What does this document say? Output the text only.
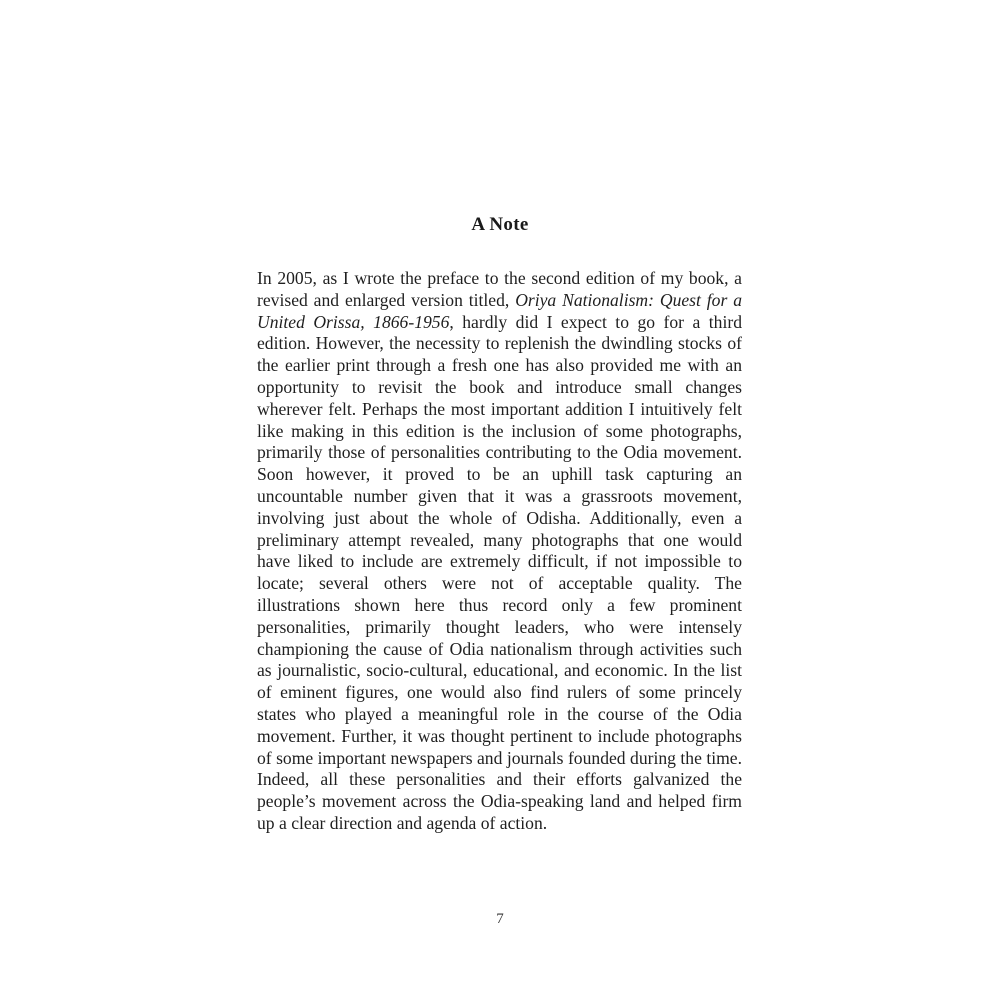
A Note

In 2005, as I wrote the preface to the second edition of my book, a revised and enlarged version titled, Oriya Nationalism: Quest for a United Orissa, 1866-1956, hardly did I expect to go for a third edition. However, the necessity to replenish the dwindling stocks of the earlier print through a fresh one has also provided me with an opportunity to revisit the book and introduce small changes wherever felt. Perhaps the most important addition I intuitively felt like making in this edition is the inclusion of some photographs, primarily those of personalities contributing to the Odia movement. Soon however, it proved to be an uphill task capturing an uncountable number given that it was a grassroots movement, involving just about the whole of Odisha. Additionally, even a preliminary attempt revealed, many photographs that one would have liked to include are extremely difficult, if not impossible to locate; several others were not of acceptable quality. The illustrations shown here thus record only a few prominent personalities, primarily thought leaders, who were intensely championing the cause of Odia nationalism through activities such as journalistic, socio-cultural, educational, and economic. In the list of eminent figures, one would also find rulers of some princely states who played a meaningful role in the course of the Odia movement. Further, it was thought pertinent to include photographs of some important newspapers and journals founded during the time. Indeed, all these personalities and their efforts galvanized the people’s movement across the Odia-speaking land and helped firm up a clear direction and agenda of action.

7
